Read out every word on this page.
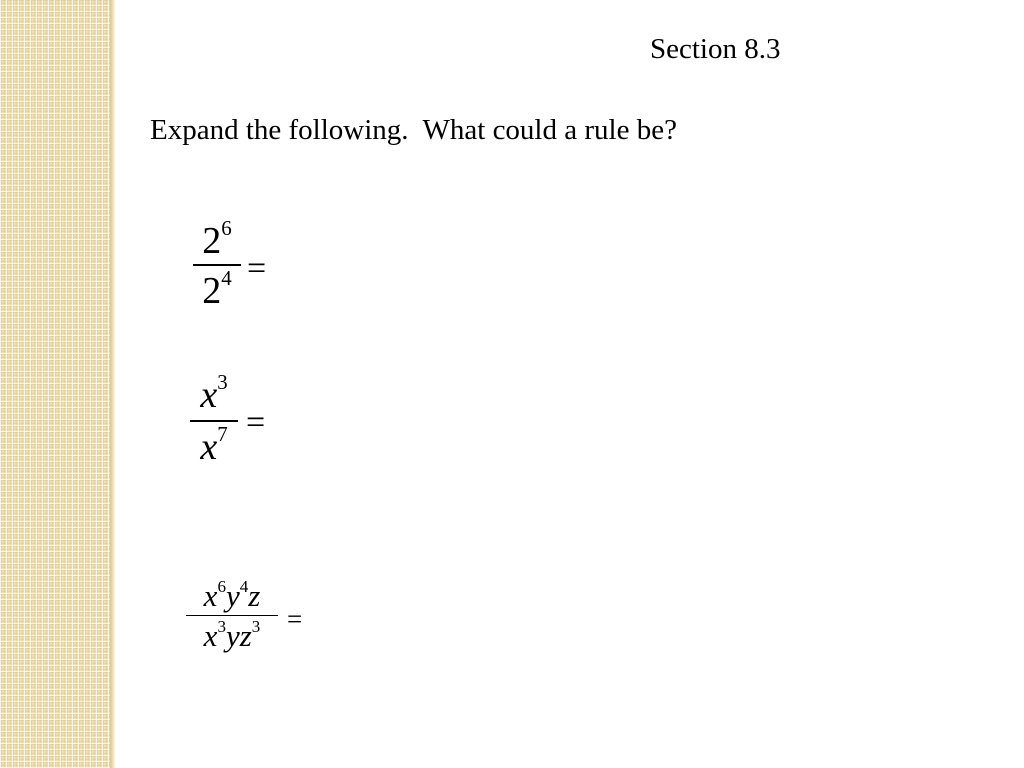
Section 8.3
Expand the following.  What could a rule be?
$2^6$
$2^4$ =
$x^3$
$x^7$ =
$x^6y^4z$
$x^3yz^3$ =
